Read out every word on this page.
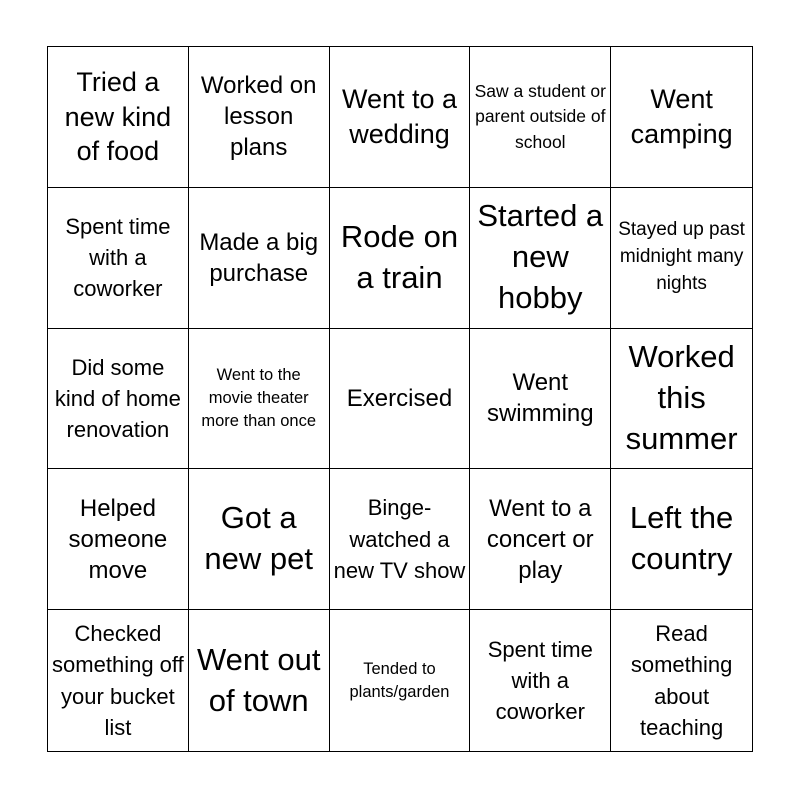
Tried a new kind of food
Worked on lesson plans
Went to a wedding
Saw a student or parent outside of school
Went camping
Spent time with a coworker
Made a big purchase
Rode on a train
Started a new hobby
Stayed up past midnight many nights
Did some kind of home renovation
Went to the movie theater more than once
Exercised
Went swimming
Worked this summer
Helped someone move
Got a new pet
Binge-watched a new TV show
Went to a concert or play
Left the country
Checked something off your bucket list
Went out of town
Tended to plants/garden
Spent time with a coworker
Read something about teaching
